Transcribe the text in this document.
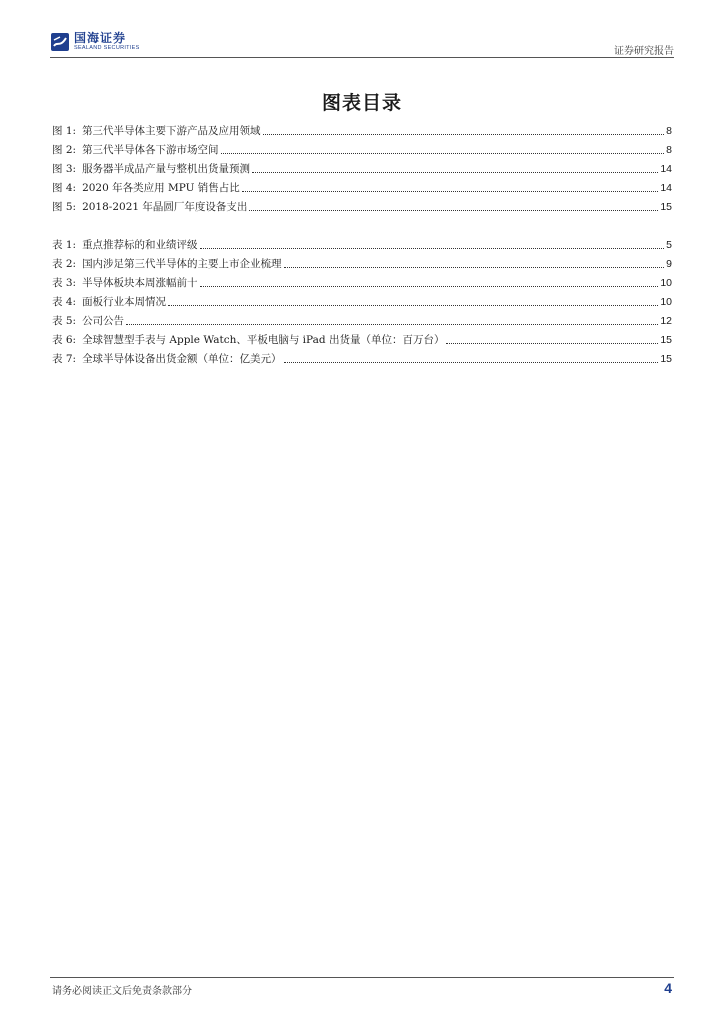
国海证券
SEALAND SECURITIES	证券研究报告
图表目录
图 1: 第三代半导体主要下游产品及应用领域	8
图 2: 第三代半导体各下游市场空间	8
图 3: 服务器半成品产量与整机出货量预测	14
图 4: 2020 年各类应用 MPU 销售占比	14
图 5: 2018-2021 年晶圆厂年度设备支出	15
表 1: 重点推荐标的和业绩评级	5
表 2: 国内涉足第三代半导体的主要上市企业梳理	9
表 3: 半导体板块本周涨幅前十	10
表 4: 面板行业本周情况	10
表 5: 公司公告	12
表 6: 全球智慧型手表与 Apple Watch、平板电脑与 iPad 出货量（单位：百万台）	15
表 7: 全球半导体设备出货金额（单位：亿美元）	15
请务必阅读正文后免责条款部分	4
